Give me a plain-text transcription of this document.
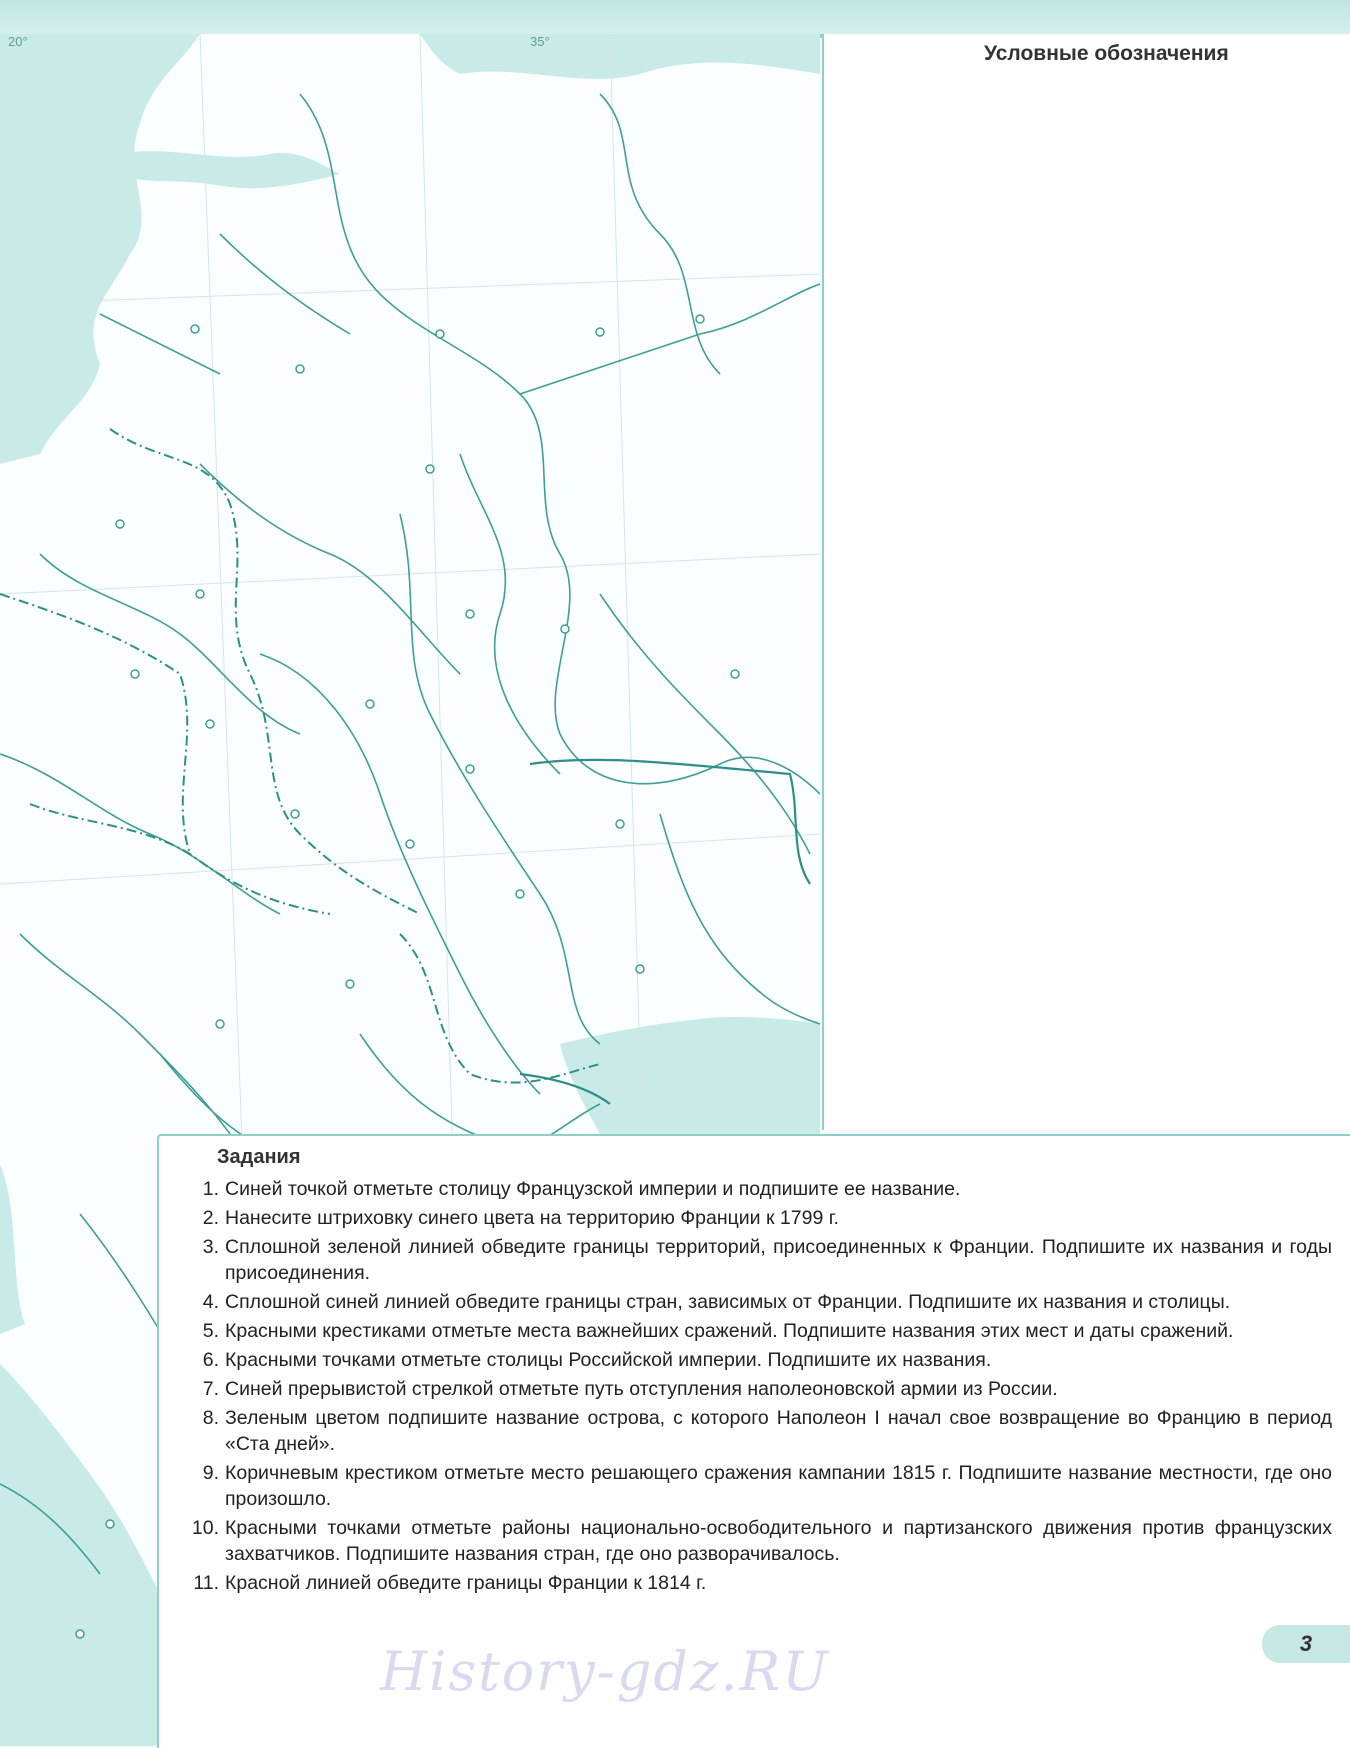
20°	35°
Условные обозначения
Задания
1. Синей точкой отметьте столицу Французской империи и подпишите ее название.
2. Нанесите штриховку синего цвета на территорию Франции к 1799 г.
3. Сплошной зеленой линией обведите границы территорий, присоединенных к Франции. Подпишите их названия и годы присоединения.
4. Сплошной синей линией обведите границы стран, зависимых от Франции. Подпишите их названия и столицы.
5. Красными крестиками отметьте места важнейших сражений. Подпишите названия этих мест и даты сражений.
6. Красными точками отметьте столицы Российской империи. Подпишите их названия.
7. Синей прерывистой стрелкой отметьте путь отступления наполеоновской армии из России.
8. Зеленым цветом подпишите название острова, с которого Наполеон I начал свое возвращение во Францию в период «Ста дней».
9. Коричневым крестиком отметьте место решающего сражения кампании 1815 г. Подпишите название местности, где оно произошло.
10. Красными точками отметьте районы национально-освободительного и партизанского движения против французских захватчиков. Подпишите названия стран, где оно разворачивалось.
11. Красной линией обведите границы Франции к 1814 г.
History-gdz.RU	3
